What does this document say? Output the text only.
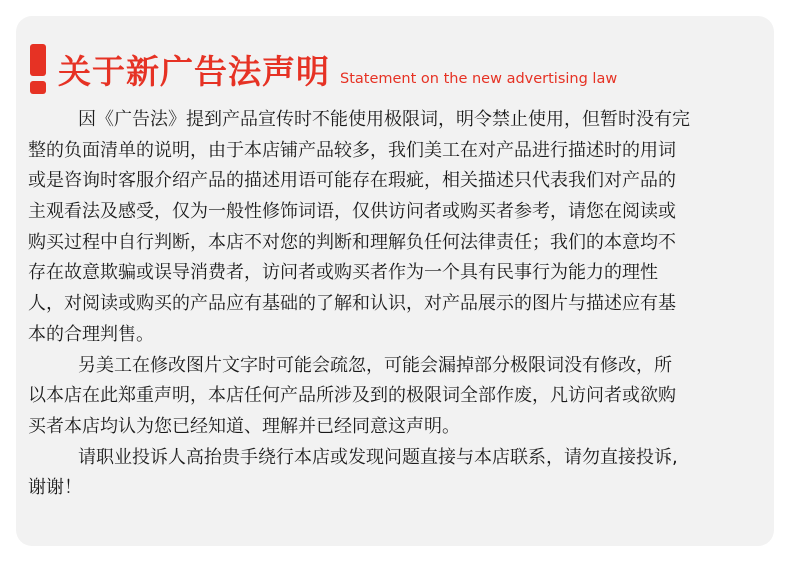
关于新广告法声明 Statement on the new advertising law
因《广告法》提到产品宣传时不能使用极限词，明令禁止使用，但暂时没有完
整的负面清单的说明，由于本店铺产品较多，我们美工在对产品进行描述时的用词
或是咨询时客服介绍产品的描述用语可能存在瑕疵，相关描述只代表我们对产品的
主观看法及感受，仅为一般性修饰词语，仅供访问者或购买者参考，请您在阅读或
购买过程中自行判断，本店不对您的判断和理解负任何法律责任；我们的本意均不
存在故意欺骗或误导消费者，访问者或购买者作为一个具有民事行为能力的理性
人，对阅读或购买的产品应有基础的了解和认识，对产品展示的图片与描述应有基
本的合理判售。
另美工在修改图片文字时可能会疏忽，可能会漏掉部分极限词没有修改，所
以本店在此郑重声明，本店任何产品所涉及到的极限词全部作废，凡访问者或欲购
买者本店均认为您已经知道、理解并已经同意这声明。
请职业投诉人高抬贵手绕行本店或发现问题直接与本店联系，请勿直接投诉,
谢谢！
